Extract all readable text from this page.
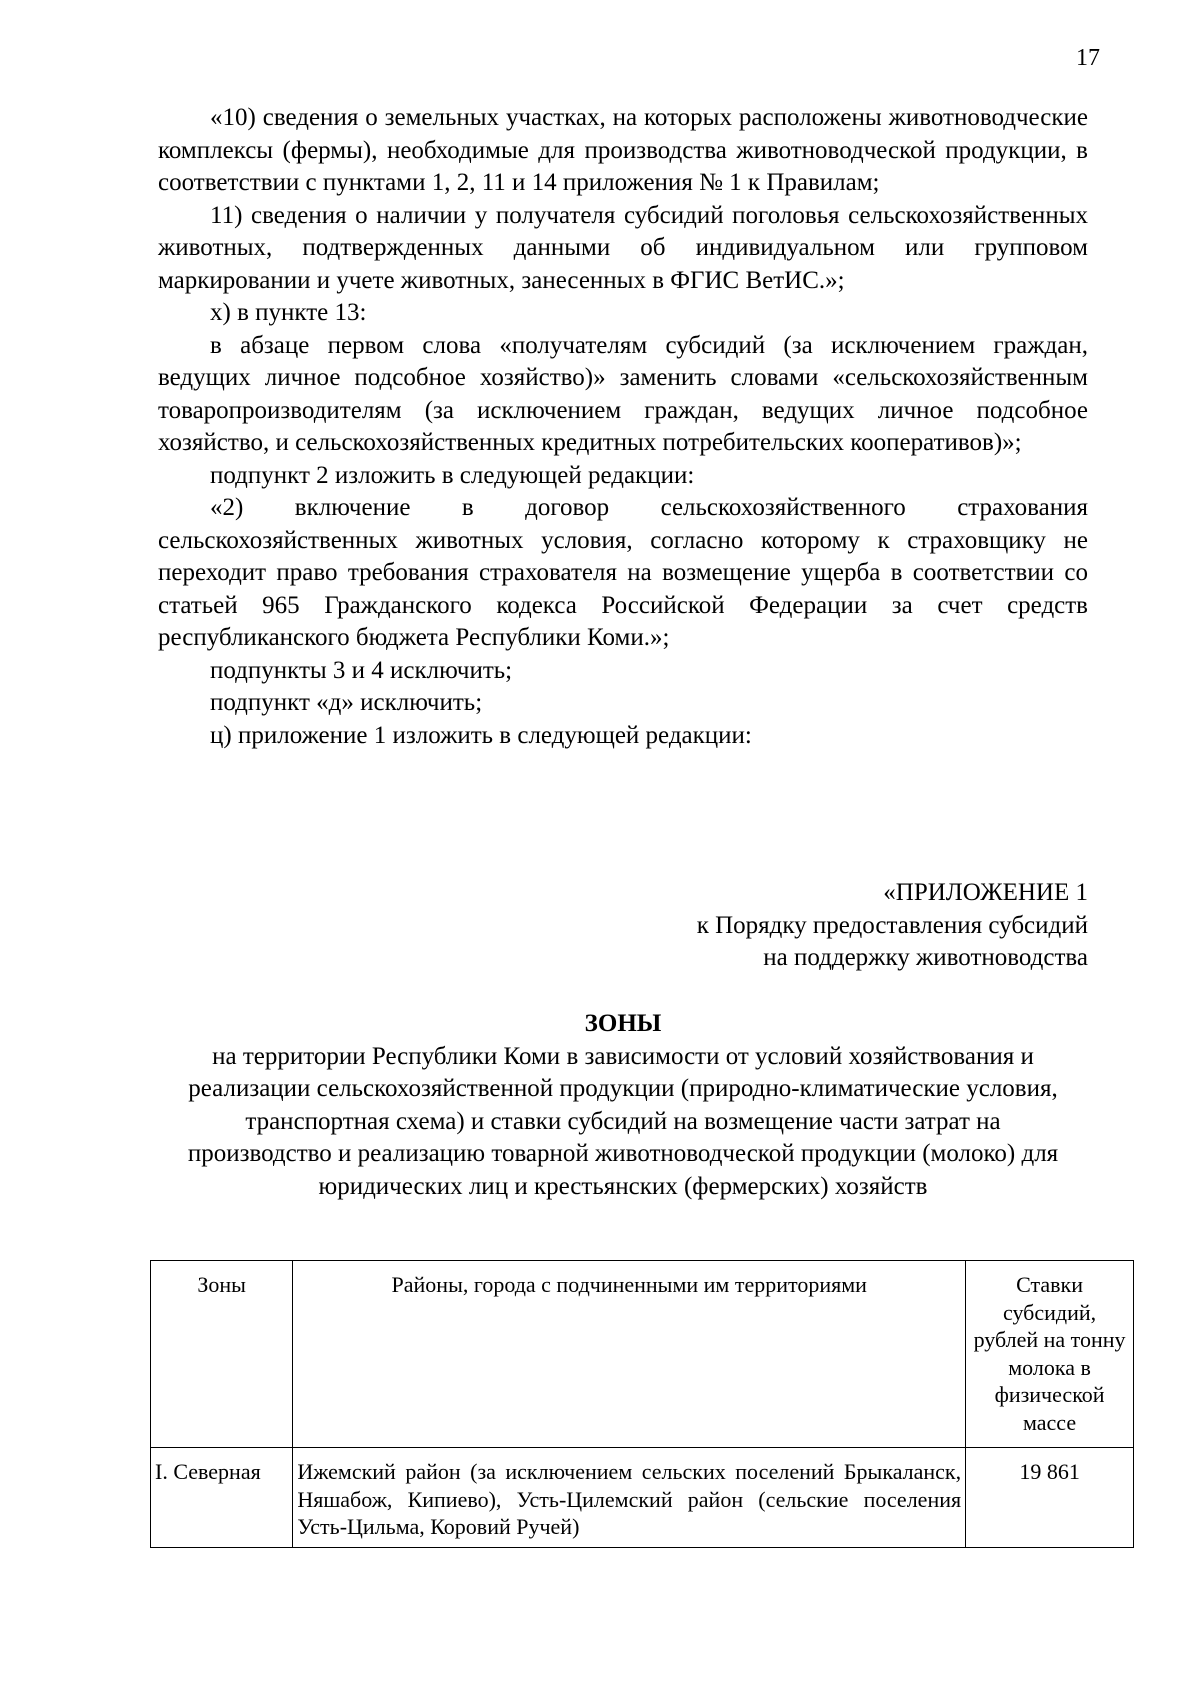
17

«10) сведения о земельных участках, на которых расположены животноводческие комплексы (фермы), необходимые для производства животноводческой продукции, в соответствии с пунктами 1, 2, 11 и 14 приложения № 1 к Правилам;

11) сведения о наличии у получателя субсидий поголовья сельскохозяйственных животных, подтвержденных данными об индивидуальном или групповом маркировании и учете животных, занесенных в ФГИС ВетИС.»;

х) в пункте 13:

в абзаце первом слова «получателям субсидий (за исключением граждан, ведущих личное подсобное хозяйство)» заменить словами «сельскохозяйственным товаропроизводителям (за исключением граждан, ведущих личное подсобное хозяйство, и сельскохозяйственных кредитных потребительских кооперативов)»;

подпункт 2 изложить в следующей редакции:

«2) включение в договор сельскохозяйственного страхования сельскохозяйственных животных условия, согласно которому к страховщику не переходит право требования страхователя на возмещение ущерба в соответствии со статьей 965 Гражданского кодекса Российской Федерации за счет средств республиканского бюджета Республики Коми.»;

подпункты 3 и 4 исключить;

подпункт «д» исключить;

ц) приложение 1 изложить в следующей редакции:

«ПРИЛОЖЕНИЕ 1
к Порядку предоставления субсидий
на поддержку животноводства
ЗОНЫ
на территории Республики Коми в зависимости от условий хозяйствования и реализации сельскохозяйственной продукции (природно-климатические условия, транспортная схема) и ставки субсидий на возмещение части затрат на производство и реализацию товарной животноводческой продукции (молоко) для юридических лиц и крестьянских (фермерских) хозяйств
Зоны	Районы, города с подчиненными им территориями	Ставки субсидий, рублей на тонну молока в физической массе
I. Северная	Ижемский район (за исключением сельских поселений Брыкаланск, Няшабож, Кипиево), Усть-Цилемский район (сельские поселения Усть-Цильма, Коровий Ручей)	19 861
